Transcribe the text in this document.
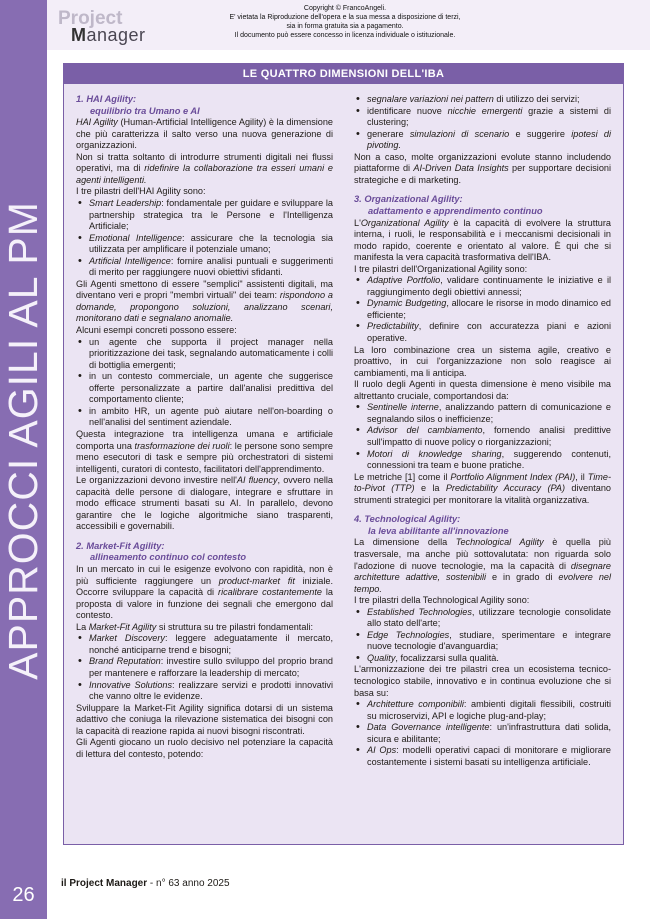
APPROCCI AGILI AL PM
26
Project
Manager
Copyright © FrancoAngeli.
E' vietata la Riproduzione dell'opera e la sua messa a disposizione di terzi,
sia in forma gratuita sia a pagamento.
Il documento può essere concesso in licenza individuale o istituzionale.
LE QUATTRO DIMENSIONI DELL'IBA
1. HAI Agility:
equilibrio tra Umano e AI

HAI Agility (Human-Artificial Intelligence Agility) è la dimensione che più caratterizza il salto verso una nuova generazione di organizzazioni.

Non si tratta soltanto di introdurre strumenti digitali nei flussi operativi, ma di ridefinire la collaborazione tra esseri umani e agenti intelligenti.

I tre pilastri dell'HAI Agility sono:

• Smart Leadership: fondamentale per guidare e sviluppare la partnership strategica tra le Persone e l'Intelligenza Artificiale;
• Emotional Intelligence: assicurare che la tecnologia sia utilizzata per amplificare il potenziale umano;
• Artificial Intelligence: fornire analisi puntuali e suggerimenti di merito per raggiungere nuovi obiettivi sfidanti.

Gli Agenti smettono di essere "semplici" assistenti digitali, ma diventano veri e propri "membri virtuali" dei team: rispondono a domande, propongono soluzioni, analizzano scenari, monitorano dati e segnalano anomalie.

Alcuni esempi concreti possono essere:

• un agente che supporta il project manager nella prioritizzazione dei task, segnalando automaticamente i colli di bottiglia emergenti;
• in un contesto commerciale, un agente che suggerisce offerte personalizzate a partire dall'analisi predittiva del comportamento cliente;
• in ambito HR, un agente può aiutare nell'on-boarding o nell'analisi del sentiment aziendale.

Questa integrazione tra intelligenza umana e artificiale comporta una trasformazione dei ruoli: le persone sono sempre meno esecutori di task e sempre più orchestratori di sistemi intelligenti, curatori di contesto, facilitatori dell'apprendimento.

Le organizzazioni devono investire nell'AI fluency, ovvero nella capacità delle persone di dialogare, integrare e sfruttare in modo efficace strumenti basati su AI. In parallelo, devono garantire che le logiche algoritmiche siano trasparenti, accessibili e governabili.

2. Market-Fit Agility:
allineamento continuo col contesto

In un mercato in cui le esigenze evolvono con rapidità, non è più sufficiente raggiungere un product-market fit iniziale. Occorre sviluppare la capacità di ricalibrare costantemente la proposta di valore in funzione dei segnali che emergono dal contesto.

La Market-Fit Agility si struttura su tre pilastri fondamentali:

• Market Discovery: leggere adeguatamente il mercato, nonché anticiparne trend e bisogni;
• Brand Reputation: investire sullo sviluppo del proprio brand per mantenere e rafforzare la leadership di mercato;
• Innovative Solutions: realizzare servizi e prodotti innovativi che vanno oltre le evidenze.

Sviluppare la Market-Fit Agility significa dotarsi di un sistema adattivo che coniuga la rilevazione sistematica dei bisogni con la capacità di reazione rapida ai nuovi bisogni riscontrati.

Gli Agenti giocano un ruolo decisivo nel potenziare la capacità di lettura del contesto, potendo:

• segnalare variazioni nei pattern di utilizzo dei servizi;
• identificare nuove nicchie emergenti grazie a sistemi di clustering;
• generare simulazioni di scenario e suggerire ipotesi di pivoting.

Non a caso, molte organizzazioni evolute stanno includendo piattaforme di AI-Driven Data Insights per supportare decisioni strategiche e di marketing.

3. Organizational Agility:
adattamento e apprendimento continuo

L'Organizational Agility è la capacità di evolvere la struttura interna, i ruoli, le responsabilità e i meccanismi decisionali in modo rapido, coerente e orientato al valore. È qui che si manifesta la vera capacità trasformativa dell'IBA.

I tre pilastri dell'Organizational Agility sono:

• Adaptive Portfolio, validare continuamente le iniziative e il raggiungimento degli obiettivi annessi;
• Dynamic Budgeting, allocare le risorse in modo dinamico ed efficiente;
• Predictability, definire con accuratezza piani e azioni operative.

La loro combinazione crea un sistema agile, creativo e proattivo, in cui l'organizzazione non solo reagisce ai cambiamenti, ma li anticipa.

Il ruolo degli Agenti in questa dimensione è meno visibile ma altrettanto cruciale, comportandosi da:

• Sentinelle interne, analizzando pattern di comunicazione e segnalando silos o inefficienze;
• Advisor del cambiamento, fornendo analisi predittive sull'impatto di nuove policy o riorganizzazioni;
• Motori di knowledge sharing, suggerendo contenuti, connessioni tra team e buone pratiche.

Le metriche [1] come il Portfolio Alignment Index (PAI), il Time-to-Pivot (TTP) e la Predictability Accuracy (PA) diventano strumenti strategici per monitorare la vitalità organizzativa.

4. Technological Agility:
la leva abilitante all'innovazione

La dimensione della Technological Agility è quella più trasversale, ma anche più sottovalutata: non riguarda solo l'adozione di nuove tecnologie, ma la capacità di disegnare architetture adattive, sostenibili e in grado di evolvere nel tempo.

I tre pilastri della Technological Agility sono:

• Established Technologies, utilizzare tecnologie consolidate allo stato dell'arte;
• Edge Technologies, studiare, sperimentare e integrare nuove tecnologie d'avanguardia;
• Quality, focalizzarsi sulla qualità.

L'armonizzazione dei tre pilastri crea un ecosistema tecnico-tecnologico stabile, innovativo e in continua evoluzione che si basa su:

• Architetture componibili: ambienti digitali flessibili, costruiti su microservizi, API e logiche plug-and-play;
• Data Governance intelligente: un'infrastruttura dati solida, sicura e abilitante;
• AI Ops: modelli operativi capaci di monitorare e migliorare costantemente i sistemi basati su intelligenza artificiale.
il Project Manager - n° 63 anno 2025
